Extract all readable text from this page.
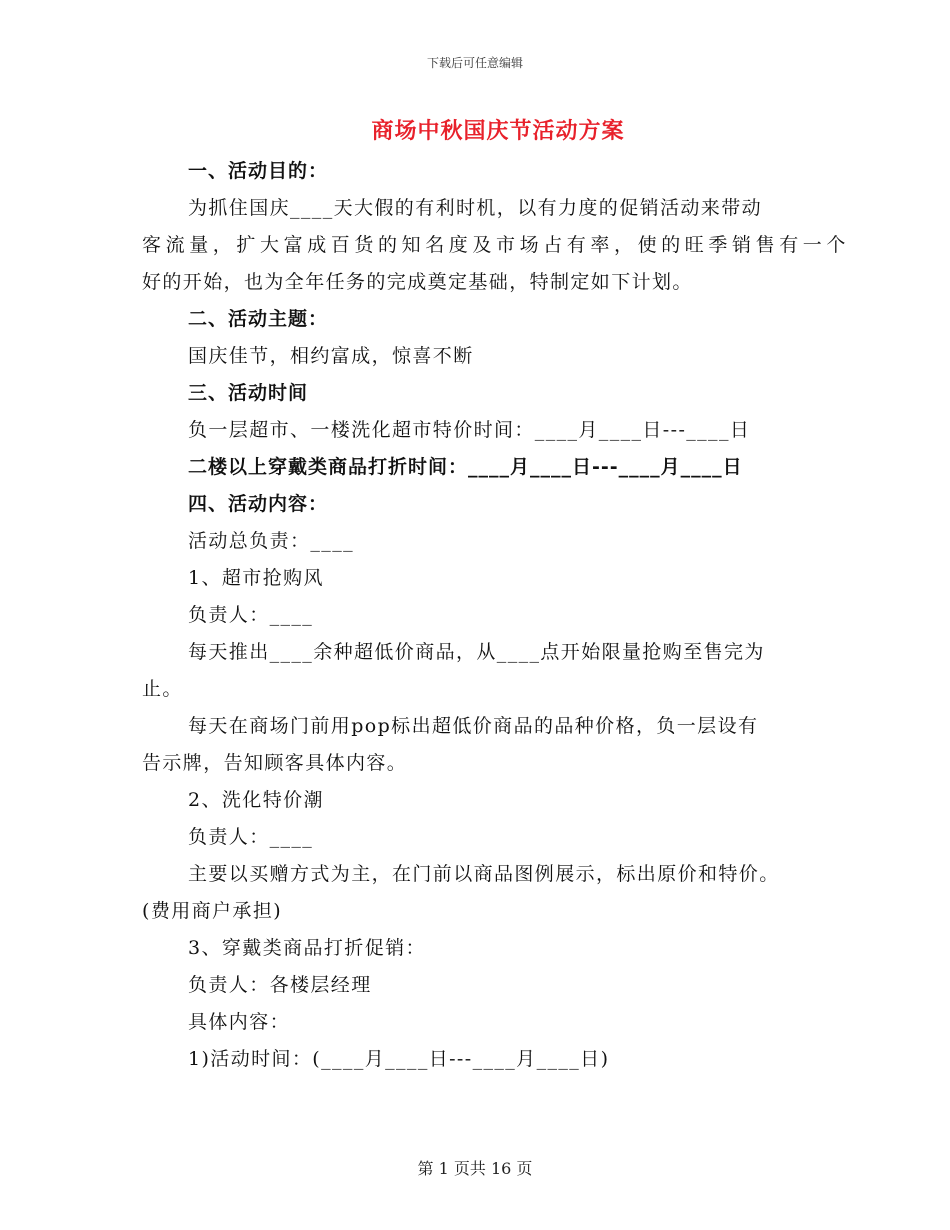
下载后可任意编辑
商场中秋国庆节活动方案
一、活动目的：
为抓住国庆____天大假的有利时机，以有力度的促销活动来带动
客流量，扩大富成百货的知名度及市场占有率，使的旺季销售有一个
好的开始，也为全年任务的完成奠定基础，特制定如下计划。
二、活动主题：
国庆佳节，相约富成，惊喜不断
三、活动时间
负一层超市、一楼洗化超市特价时间：____月____日---____日
二楼以上穿戴类商品打折时间：____月____日---____月____日
四、活动内容：
活动总负责：____
1、超市抢购风
负责人：____
每天推出____余种超低价商品，从____点开始限量抢购至售完为
止。
每天在商场门前用pop标出超低价商品的品种价格，负一层设有
告示牌，告知顾客具体内容。
2、洗化特价潮
负责人：____
主要以买赠方式为主，在门前以商品图例展示，标出原价和特价。
(费用商户承担)
3、穿戴类商品打折促销：
负责人：各楼层经理
具体内容：
1)活动时间：(____月____日---____月____日)
第 1 页共 16 页
